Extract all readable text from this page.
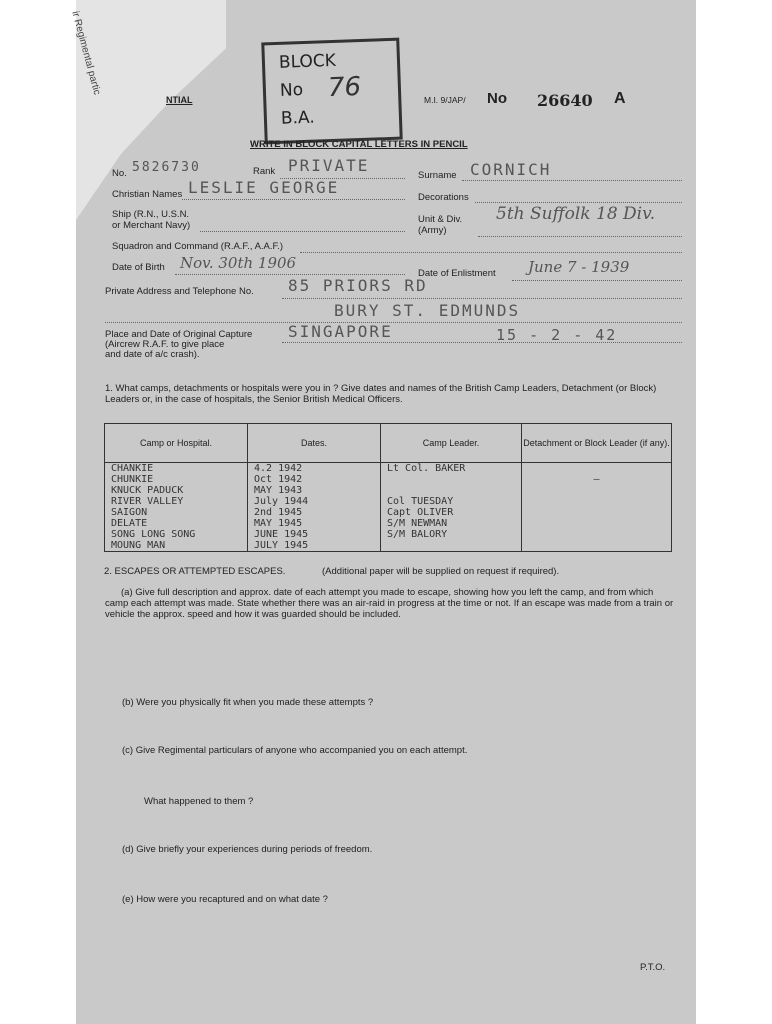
ir Regimental partic
NTIAL
BLOCK
No
B.A.
76	M.I. 9/JAP/ No 26640 A
WRITE IN BLOCK CAPITAL LETTERS IN PENCIL
No. 5826730	Rank PRIVATE
Surname CORNICH
Christian Names LESLIE GEORGE
Decorations
Ship (R.N., U.S.N.
or Merchant Navy)
Unit & Div.
(Army)
5th Suffolk 18 Div.
Squadron and Command (R.A.F., A.A.F.)
Date of Birth Nov. 30th 1906
Date of Enlistment June 7 - 1939
Private Address and Telephone No. 85 PRIORS RD
BURY ST. EDMUNDS
Place and Date of Original Capture
(Aircrew R.A.F. to give place
and date of a/c crash).
SINGAPORE	15 - 2 - 42
1. What camps, detachments or hospitals were you in ? Give dates and names of the British Camp Leaders, Detachment (or Block) Leaders or, in the case of hospitals, the Senior British Medical Officers.
Camp or Hospital.	Dates.	Camp Leader.	Detachment or Block Leader (if any).
CHANKIE	4.2 1942	Lt Col. BAKER	
CHUNKIE	Oct 1942		—
KNUCK PADUCK	MAY 1943		
RIVER VALLEY	July 1944	Col TUESDAY	
SAIGON	2nd 1945	Capt OLIVER	
DELATE	MAY 1945	S/M NEWMAN	
SONG LONG SONG	JUNE 1945	S/M BALORY	
MOUNG MAN	JULY 1945		
2. ESCAPES OR ATTEMPTED ESCAPES.	(Additional paper will be supplied on request if required).
(a) Give full description and approx. date of each attempt you made to escape, showing how you left the camp, and from which camp each attempt was made. State whether there was an air-raid in progress at the time or not. If an escape was made from a train or vehicle the approx. speed and how it was guarded should be included.
(b) Were you physically fit when you made these attempts ?
(c) Give Regimental particulars of anyone who accompanied you on each attempt.
What happened to them ?
(d) Give briefly your experiences during periods of freedom.
(e) How were you recaptured and on what date ?
P.T.O.
